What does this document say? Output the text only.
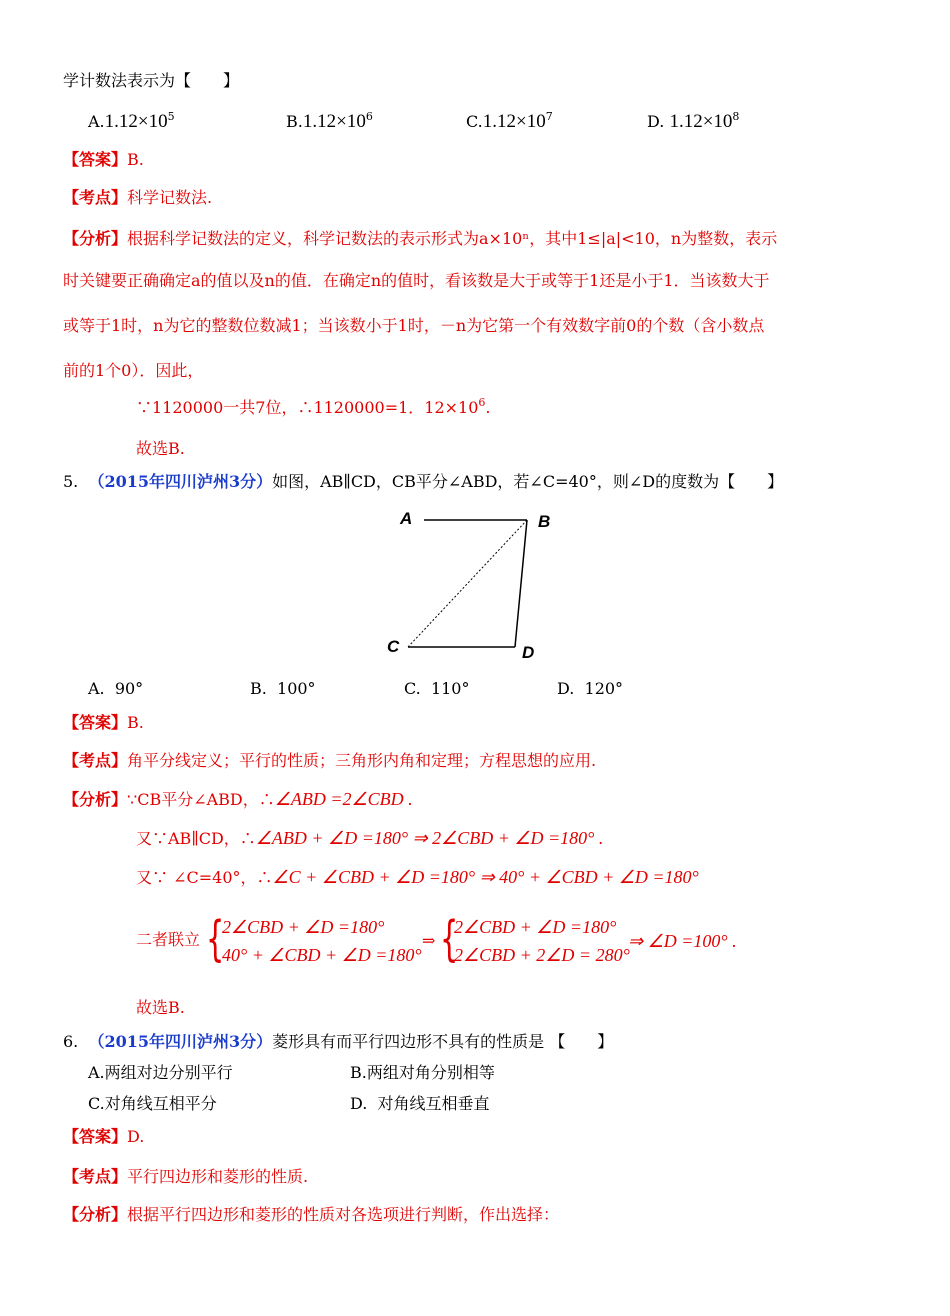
学计数法表示为【　　】
$A.1.12\times 10^5$	$B.1.12\times 10^6$	$C.1.12\times 10^7$	D. $1.12\times 10^8$
【答案】B.
【考点】科学记数法.
【分析】根据科学记数法的定义，科学记数法的表示形式为a×10ⁿ，其中1≤|a|<10，n为整数，表示
时关键要正确确定a的值以及n的值．在确定n的值时，看该数是大于或等于1还是小于1．当该数大于
或等于1时，n为它的整数位数减1；当该数小于1时，－n为它第一个有效数字前0的个数（含小数点
前的1个0）．因此，
∵1120000一共7位，∴1120000=1．$12\times 10^6$.
故选B.
5. （2015年四川泸州3分）如图，AB∥CD，CB平分∠ABD，若∠C=40°，则∠D的度数为【　　】
A	B
C	D
A. 90°	B. 100°	C. 110°	D. 120°
【答案】B.
【考点】角平分线定义；平行的性质；三角形内角和定理；方程思想的应用.
【分析】∵CB平分∠ABD，∴∠ABD =2∠CBD .
又∵AB∥CD，∴∠ABD + ∠D =180° ⇒ 2∠CBD + ∠D =180° .
又∵ ∠C=40°，∴∠C + ∠CBD + ∠D =180° ⇒ 40° + ∠CBD + ∠D =180°
二者联立 {
2∠CBD + ∠D =180°
40° + ∠CBD + ∠D =180°
⇒ {
2∠CBD + ∠D =180°
2∠CBD + 2∠D = 280°
⇒ ∠D =100° .
故选B.
6. （2015年四川泸州3分）菱形具有而平行四边形不具有的性质是 【　　】
A.两组对边分别平行	B.两组对角分别相等
C.对角线互相平分	D. 对角线互相垂直
【答案】D.
【考点】平行四边形和菱形的性质.
【分析】根据平行四边形和菱形的性质对各选项进行判断，作出选择：
